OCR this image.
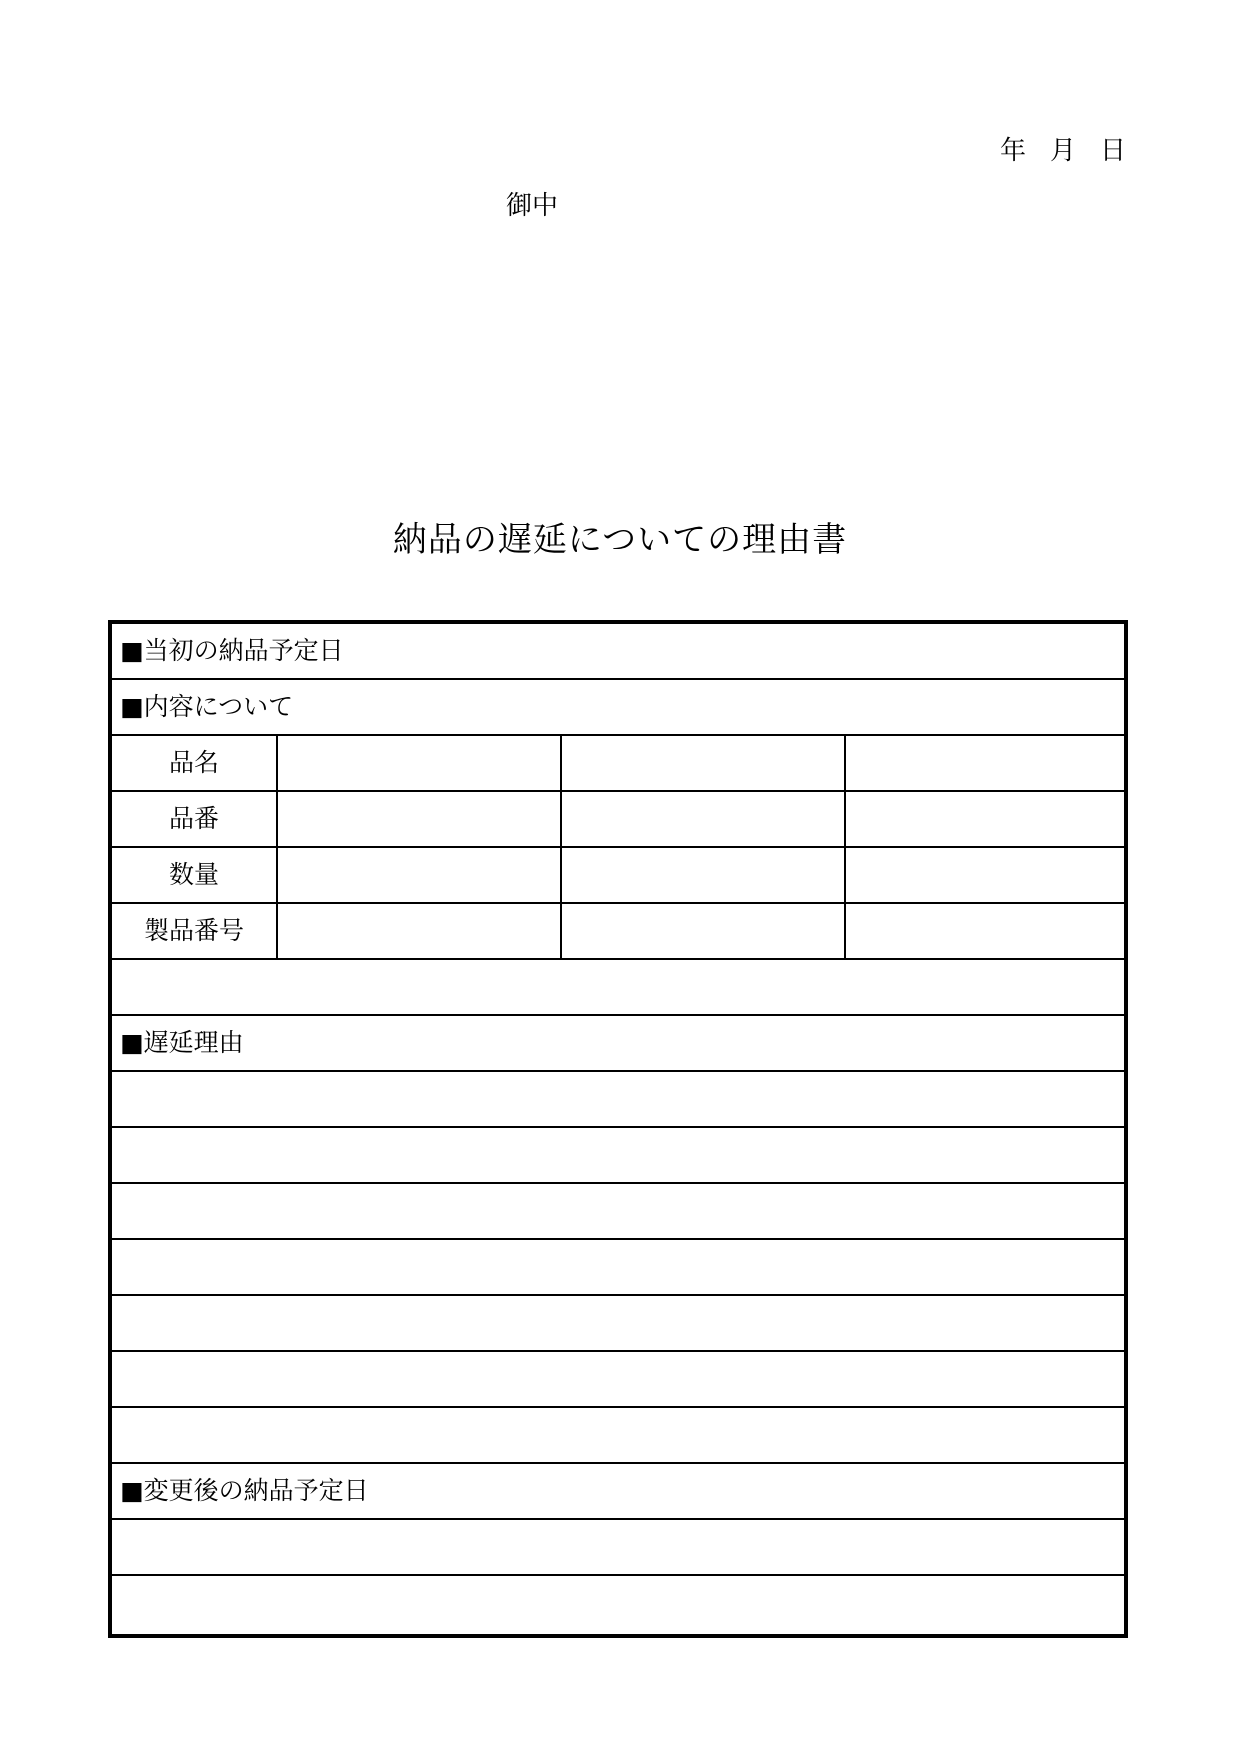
年 月 日
御中
納品の遅延についての理由書
■当初の納品予定日
■内容について
品名
品番
数量
製品番号
■遅延理由
■変更後の納品予定日
